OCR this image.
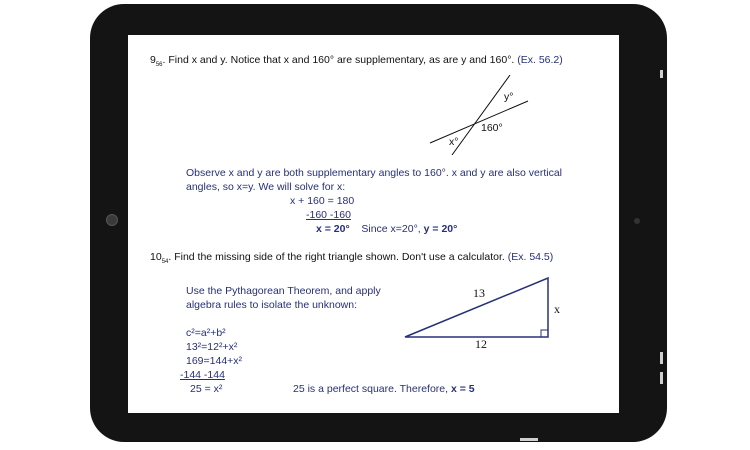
$9_{56}$. Find x and y. Notice that x and 160° are supplementary, as are y and 160°. (Ex. 56.2)
y°
160°
x°
Observe x and y are both supplementary angles to 160°. x and y are also vertical
angles, so x=y. We will solve for x:
x + 160 = 180
-160 -160
x = 20° Since x=20°, y = 20°
$10_{54}$. Find the missing side of the right triangle shown. Don't use a calculator. (Ex. 54.5)
Use the Pythagorean Theorem, and apply
algebra rules to isolate the unknown:
13
x
12
c²=a²+b²
13²=12²+x²
169=144+x²
-144 -144
25 = x²	25 is a perfect square. Therefore, x = 5
